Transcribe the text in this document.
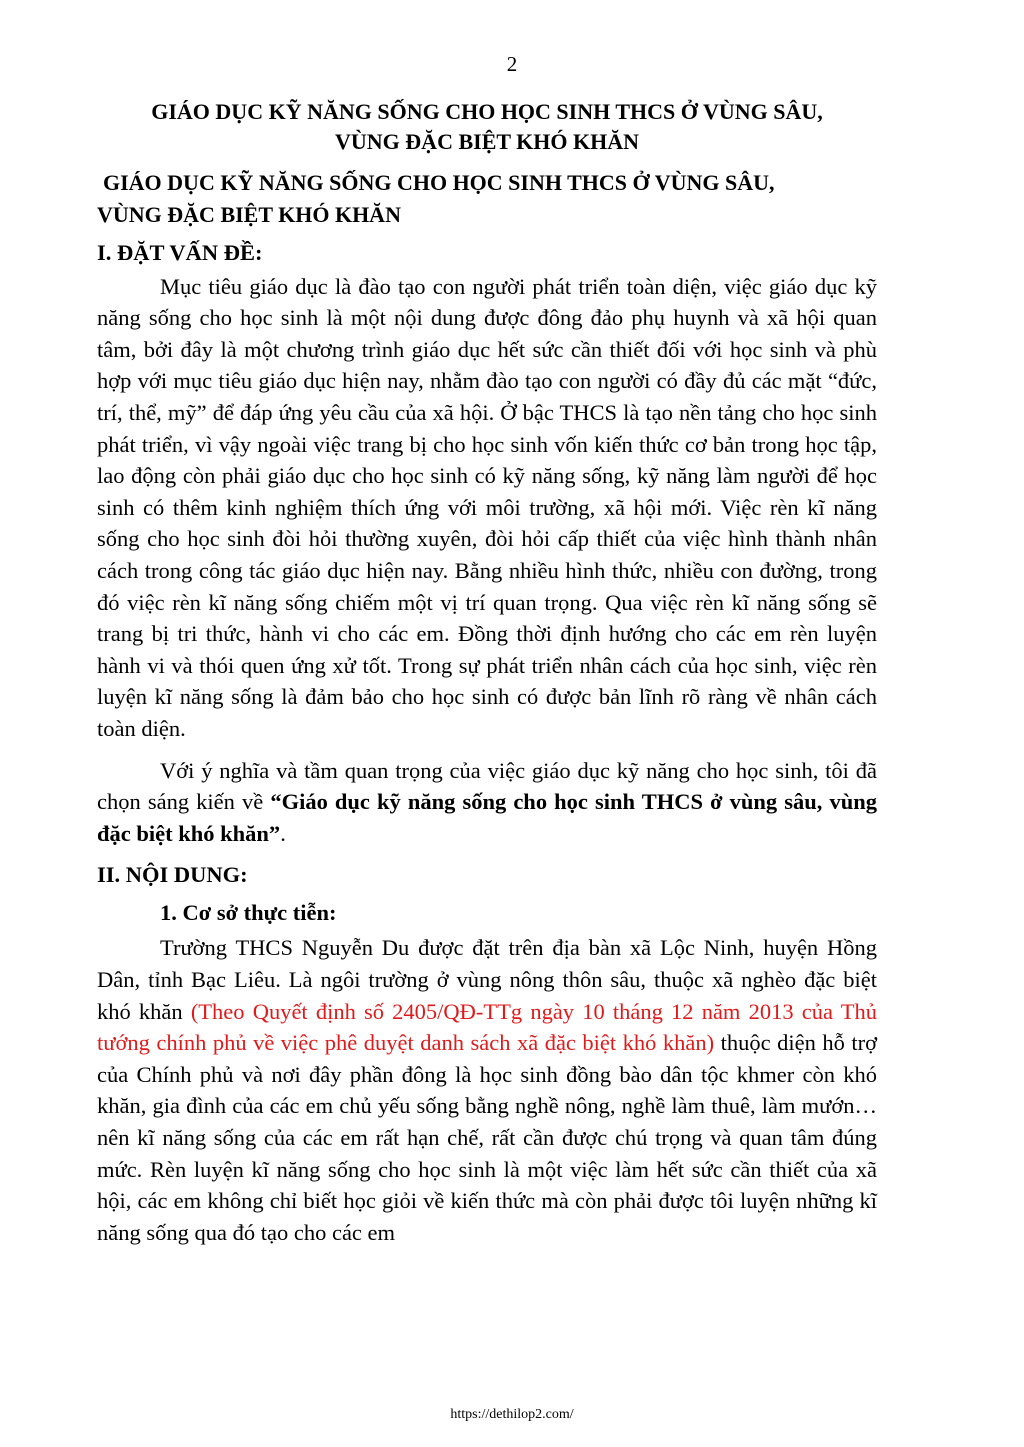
2
GIÁO DỤC KỸ NĂNG SỐNG CHO HỌC SINH THCS Ở VÙNG SÂU,
VÙNG ĐẶC BIỆT KHÓ KHĂN
GIÁO DỤC KỸ NĂNG SỐNG CHO HỌC SINH THCS Ở VÙNG SÂU,
VÙNG ĐẶC BIỆT KHÓ KHĂN
I. ĐẶT VẤN ĐỀ:

Mục tiêu giáo dục là đào tạo con người phát triển toàn diện, việc giáo dục kỹ năng sống cho học sinh là một nội dung được đông đảo phụ huynh và xã hội quan tâm, bởi đây là một chương trình giáo dục hết sức cần thiết đối với học sinh và phù hợp với mục tiêu giáo dục hiện nay, nhằm đào tạo con người có đầy đủ các mặt “đức, trí, thể, mỹ” để đáp ứng yêu cầu của xã hội. Ở bậc THCS là tạo nền tảng cho học sinh phát triển, vì vậy ngoài việc trang bị cho học sinh vốn kiến thức cơ bản trong học tập, lao động còn phải giáo dục cho học sinh có kỹ năng sống, kỹ năng làm người để học sinh có thêm kinh nghiệm thích ứng với môi trường, xã hội mới. Việc rèn kĩ năng sống cho học sinh đòi hỏi thường xuyên, đòi hỏi cấp thiết của việc hình thành nhân cách trong công tác giáo dục hiện nay. Bằng nhiều hình thức, nhiều con đường, trong đó việc rèn kĩ năng sống chiếm một vị trí quan trọng. Qua việc rèn kĩ năng sống sẽ trang bị tri thức, hành vi cho các em. Đồng thời định hướng cho các em rèn luyện hành vi và thói quen ứng xử tốt. Trong sự phát triển nhân cách của học sinh, việc rèn luyện kĩ năng sống là đảm bảo cho học sinh có được bản lĩnh rõ ràng về nhân cách toàn diện.

Với ý nghĩa và tầm quan trọng của việc giáo dục kỹ năng cho học sinh, tôi đã chọn sáng kiến về “Giáo dục kỹ năng sống cho học sinh THCS ở vùng sâu, vùng đặc biệt khó khăn”.

II. NỘI DUNG:
1. Cơ sở thực tiễn:

Trường THCS Nguyễn Du được đặt trên địa bàn xã Lộc Ninh, huyện Hồng Dân, tỉnh Bạc Liêu. Là ngôi trường ở vùng nông thôn sâu, thuộc xã nghèo đặc biệt khó khăn (Theo Quyết định số 2405/QĐ-TTg ngày 10 tháng 12 năm 2013 của Thủ tướng chính phủ về việc phê duyệt danh sách xã đặc biệt khó khăn) thuộc diện hỗ trợ của Chính phủ và nơi đây phần đông là học sinh đồng bào dân tộc khmer còn khó khăn, gia đình của các em chủ yếu sống bằng nghề nông, nghề làm thuê, làm mướn… nên kĩ năng sống của các em rất hạn chế, rất cần được chú trọng và quan tâm đúng mức. Rèn luyện kĩ năng sống cho học sinh là một việc làm hết sức cần thiết của xã hội, các em không chỉ biết học giỏi về kiến thức mà còn phải được tôi luyện những kĩ năng sống qua đó tạo cho các em

https://dethilop2.com/
